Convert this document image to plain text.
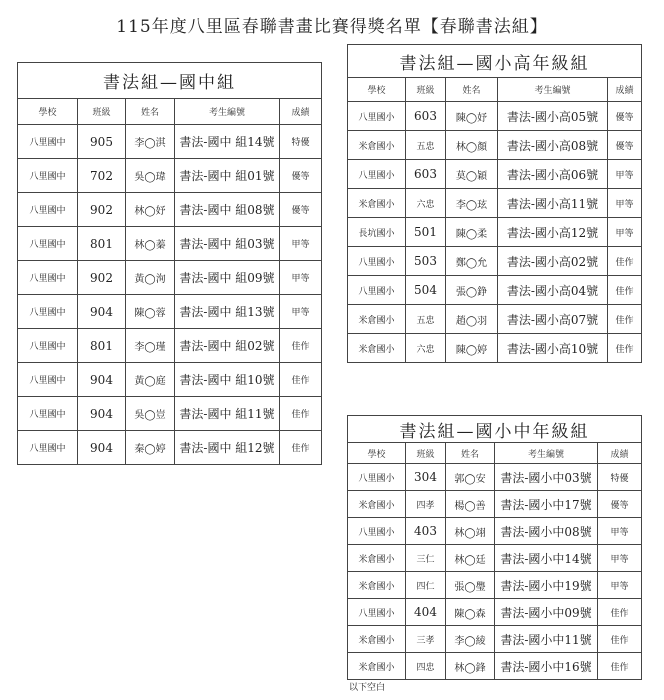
115年度八里區春聯書畫比賽得獎名單【春聯書法組】
書法組—國中組				
學校	班級	姓名	考生編號	成績
八里國中	905	李◯淇	書法-國中 組14號	特優
八里國中	702	吳◯瑋	書法-國中 組01號	優等
八里國中	902	林◯妤	書法-國中 組08號	優等
八里國中	801	林◯蓁	書法-國中 組03號	甲等
八里國中	902	黃◯洵	書法-國中 組09號	甲等
八里國中	904	陳◯蓉	書法-國中 組13號	甲等
八里國中	801	李◯瑾	書法-國中 組02號	佳作
八里國中	904	黃◯庭	書法-國中 組10號	佳作
八里國中	904	吳◯豈	書法-國中 組11號	佳作
八里國中	904	秦◯婷	書法-國中 組12號	佳作
書法組—國小高年級組				
學校	班級	姓名	考生編號	成績
八里國小	603	陳◯妤	書法-國小高05號	優等
米倉國小	五忠	林◯顏	書法-國小高08號	優等
八里國小	603	莫◯穎	書法-國小高06號	甲等
米倉國小	六忠	李◯玹	書法-國小高11號	甲等
長坑國小	501	陳◯柔	書法-國小高12號	甲等
八里國小	503	鄭◯允	書法-國小高02號	佳作
八里國小	504	張◯錚	書法-國小高04號	佳作
米倉國小	五忠	趙◯羽	書法-國小高07號	佳作
米倉國小	六忠	陳◯婷	書法-國小高10號	佳作
書法組—國小中年級組				
學校	班級	姓名	考生編號	成績
八里國小	304	郭◯安	書法-國小中03號	特優
米倉國小	四孝	楊◯善	書法-國小中17號	優等
八里國小	403	林◯翊	書法-國小中08號	甲等
米倉國小	三仁	林◯廷	書法-國小中14號	甲等
米倉國小	四仁	張◯璺	書法-國小中19號	甲等
八里國小	404	陳◯森	書法-國小中09號	佳作
米倉國小	三孝	李◯綾	書法-國小中11號	佳作
米倉國小	四忠	林◯鋒	書法-國小中16號	佳作
以下空白
